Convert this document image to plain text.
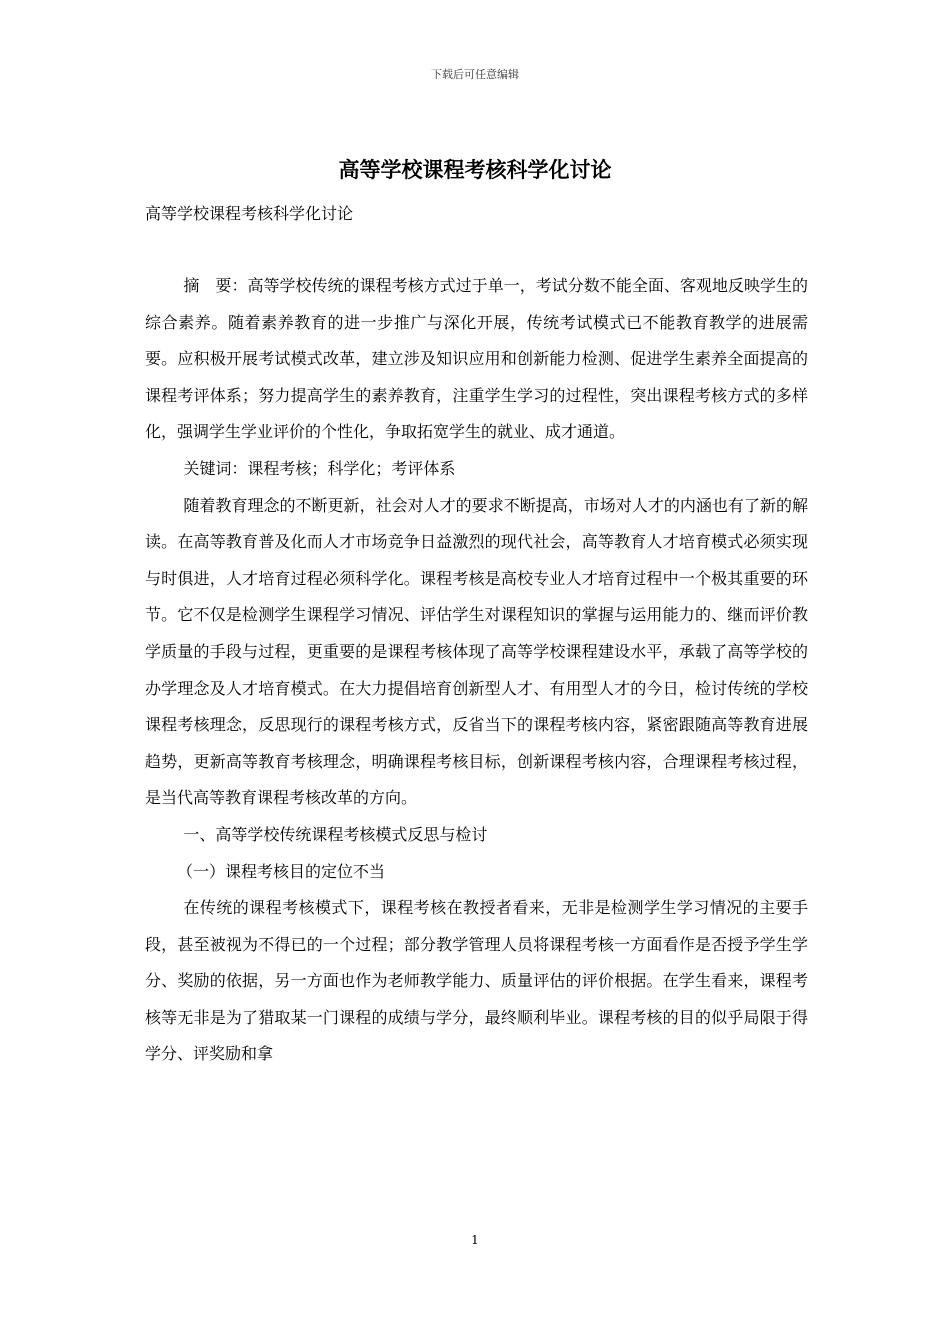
下载后可任意编辑
高等学校课程考核科学化讨论

高等学校课程考核科学化讨论

摘　要：高等学校传统的课程考核方式过于单一，考试分数不能全面、客观地反映学生的综合素养。随着素养教育的进一步推广与深化开展，传统考试模式已不能教育教学的进展需要。应积极开展考试模式改革，建立涉及知识应用和创新能力检测、促进学生素养全面提高的课程考评体系；努力提高学生的素养教育，注重学生学习的过程性，突出课程考核方式的多样化，强调学生学业评价的个性化，争取拓宽学生的就业、成才通道。

关键词：课程考核；科学化；考评体系

随着教育理念的不断更新，社会对人才的要求不断提高，市场对人才的内涵也有了新的解读。在高等教育普及化而人才市场竞争日益激烈的现代社会，高等教育人才培育模式必须实现与时俱进，人才培育过程必须科学化。课程考核是高校专业人才培育过程中一个极其重要的环节。它不仅是检测学生课程学习情况、评估学生对课程知识的掌握与运用能力的、继而评价教学质量的手段与过程，更重要的是课程考核体现了高等学校课程建设水平，承载了高等学校的办学理念及人才培育模式。在大力提倡培育创新型人才、有用型人才的今日，检讨传统的学校课程考核理念，反思现行的课程考核方式，反省当下的课程考核内容，紧密跟随高等教育进展趋势，更新高等教育考核理念，明确课程考核目标，创新课程考核内容，合理课程考核过程，是当代高等教育课程考核改革的方向。

一、高等学校传统课程考核模式反思与检讨

（一）课程考核目的定位不当

在传统的课程考核模式下，课程考核在教授者看来，无非是检测学生学习情况的主要手段，甚至被视为不得已的一个过程；部分教学管理人员将课程考核一方面看作是否授予学生学分、奖励的依据，另一方面也作为老师教学能力、质量评估的评价根据。在学生看来，课程考核等无非是为了猎取某一门课程的成绩与学分，最终顺利毕业。课程考核的目的似乎局限于得学分、评奖励和拿

1
